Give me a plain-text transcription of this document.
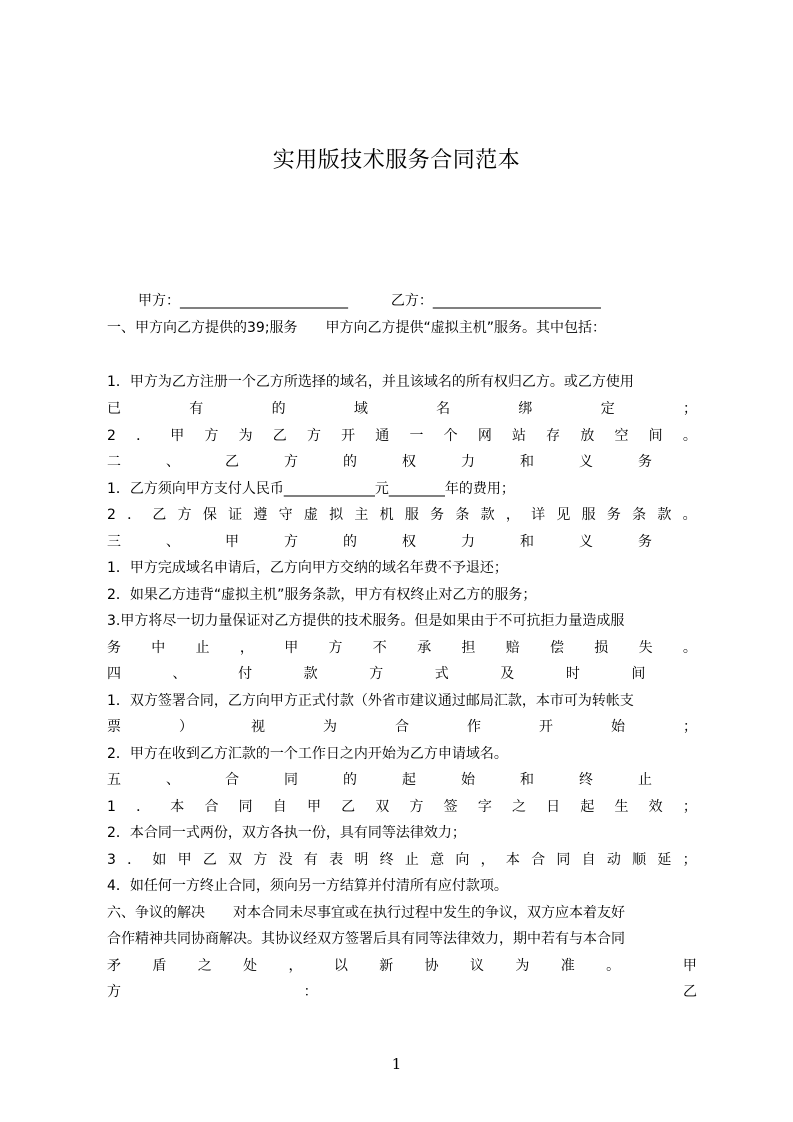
实用版技术服务合同范本
甲方：________________________	乙方：________________________
一、甲方向乙方提供的39;服务　　甲方向乙方提供“虚拟主机”服务。其中包括：
1．甲方为乙方注册一个乙方所选择的域名，并且该域名的所有权归乙方。或乙方使用
已	有	的	域	名	绑	定	；
2 ． 甲 方 为 乙 方 开 通 一 个 网 站 存 放 空 间 。
二	、	乙	方	的	权	力	和	义	务
1．乙方须向甲方支付人民币_____________元________年的费用；
2 ． 乙 方 保 证 遵 守 虚 拟 主 机 服 务 条 款 ， 详 见 服 务 条 款 。
三	、	甲	方	的	权	力	和	义	务
1．甲方完成域名申请后，乙方向甲方交纳的域名年费不予退还；
2．如果乙方违背“虚拟主机”服务条款，甲方有权终止对乙方的服务；
3.甲方将尽一切力量保证对乙方提供的技术服务。但是如果由于不可抗拒力量造成服
务 中 止 ， 甲 方 不 承 担 赔 偿 损 失 。
四	、	付	款	方	式	及	时	间
1．双方签署合同，乙方向甲方正式付款（外省市建议通过邮局汇款，本市可为转帐支
票	）	视	为	合	作	开	始	；
2．甲方在收到乙方汇款的一个工作日之内开始为乙方申请域名。
五	、	合	同	的	起	始	和	终	止
1 ． 本 合 同 自 甲 乙 双 方 签 字 之 日 起 生 效 ；
2．本合同一式两份，双方各执一份，具有同等法律效力；
3 ． 如 甲 乙 双 方 没 有 表 明 终 止 意 向 ， 本 合 同 自 动 顺 延 ；
4．如任何一方终止合同，须向另一方结算并付清所有应付款项。
六、争议的解决　　对本合同未尽事宜或在执行过程中发生的争议，双方应本着友好
合作精神共同协商解决。其协议经双方签署后具有同等法律效力，期中若有与本合同
矛 盾 之 处 ， 以 新 协 议 为 准 。	甲
方	：	乙
1
